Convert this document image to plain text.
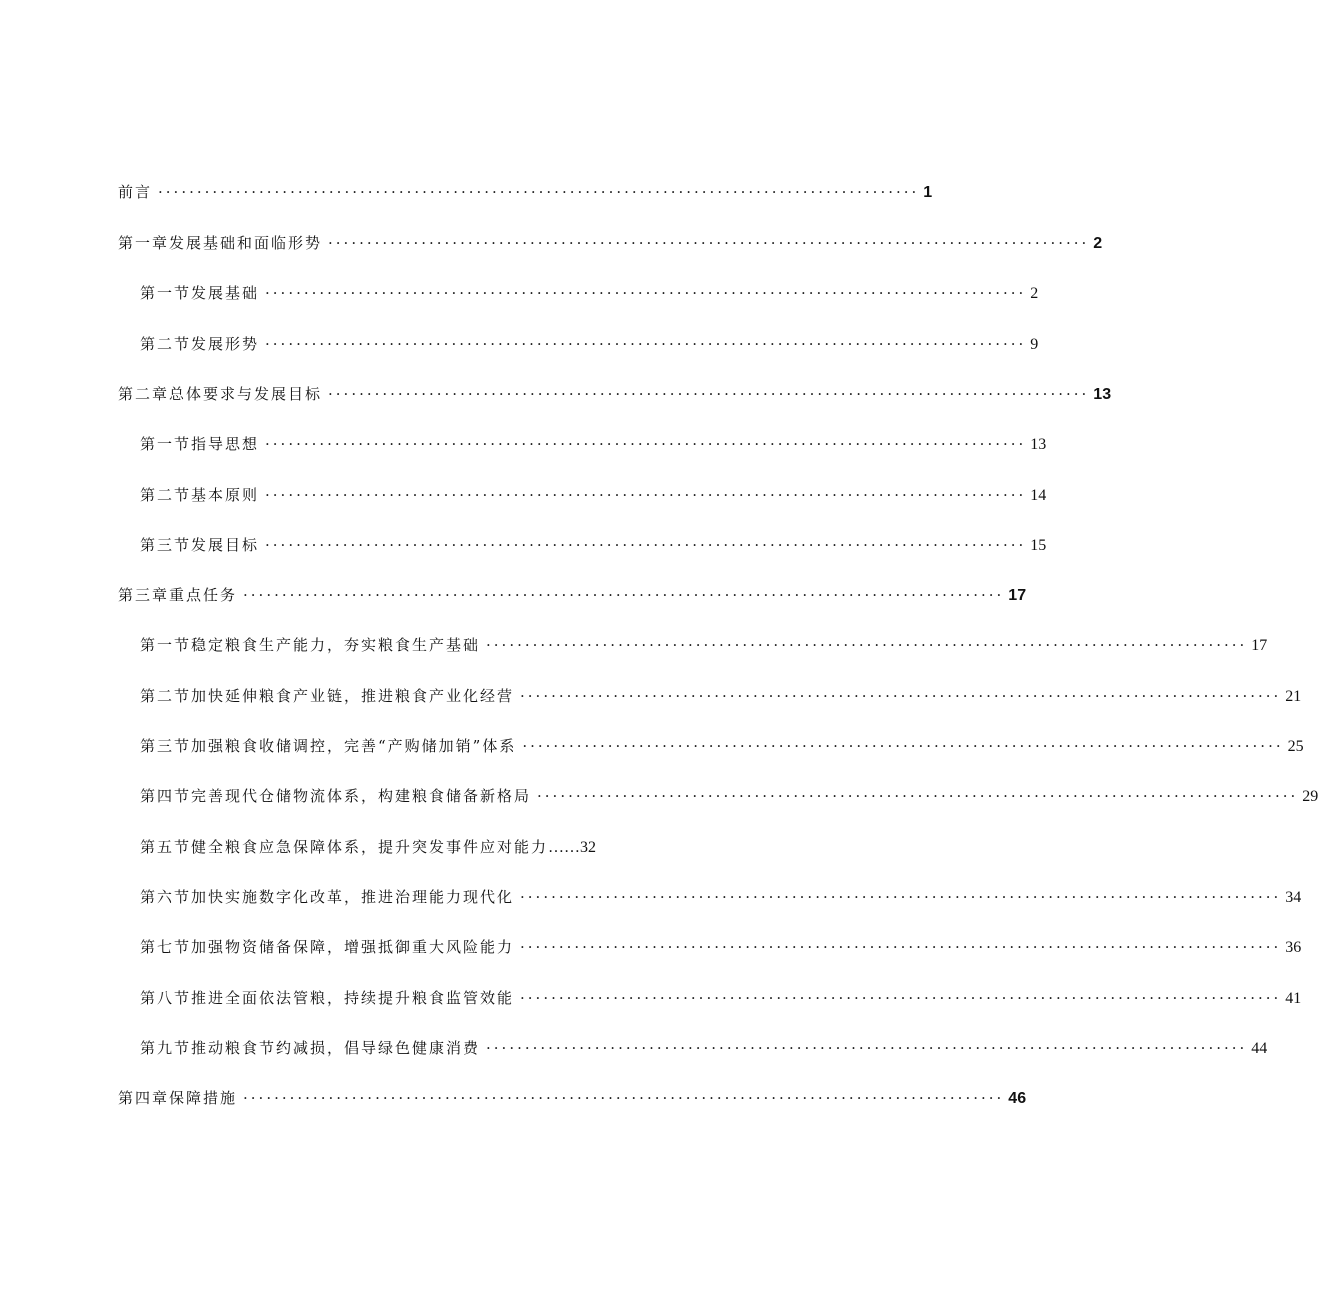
前言 ·································································································· 1
第一章发展基础和面临形势 ·································································································· 2
第一节发展基础 ·································································································· 2
第二节发展形势 ·································································································· 9
第二章总体要求与发展目标 ·································································································· 13
第一节指导思想 ·································································································· 13
第二节基本原则 ·································································································· 14
第三节发展目标 ·································································································· 15
第三章重点任务 ·································································································· 17
第一节稳定粮食生产能力，夯实粮食生产基础 ·································································································· 17
第二节加快延伸粮食产业链，推进粮食产业化经营 ·································································································· 21
第三节加强粮食收储调控，完善“产购储加销”体系 ·································································································· 25
第四节完善现代仓储物流体系，构建粮食储备新格局 ·································································································· 29
第五节健全粮食应急保障体系，提升突发事件应对能力 ……32
第六节加快实施数字化改革，推进治理能力现代化 ·································································································· 34
第七节加强物资储备保障，增强抵御重大风险能力 ·································································································· 36
第八节推进全面依法管粮，持续提升粮食监管效能 ·································································································· 41
第九节推动粮食节约减损，倡导绿色健康消费 ·································································································· 44
第四章保障措施 ·································································································· 46
